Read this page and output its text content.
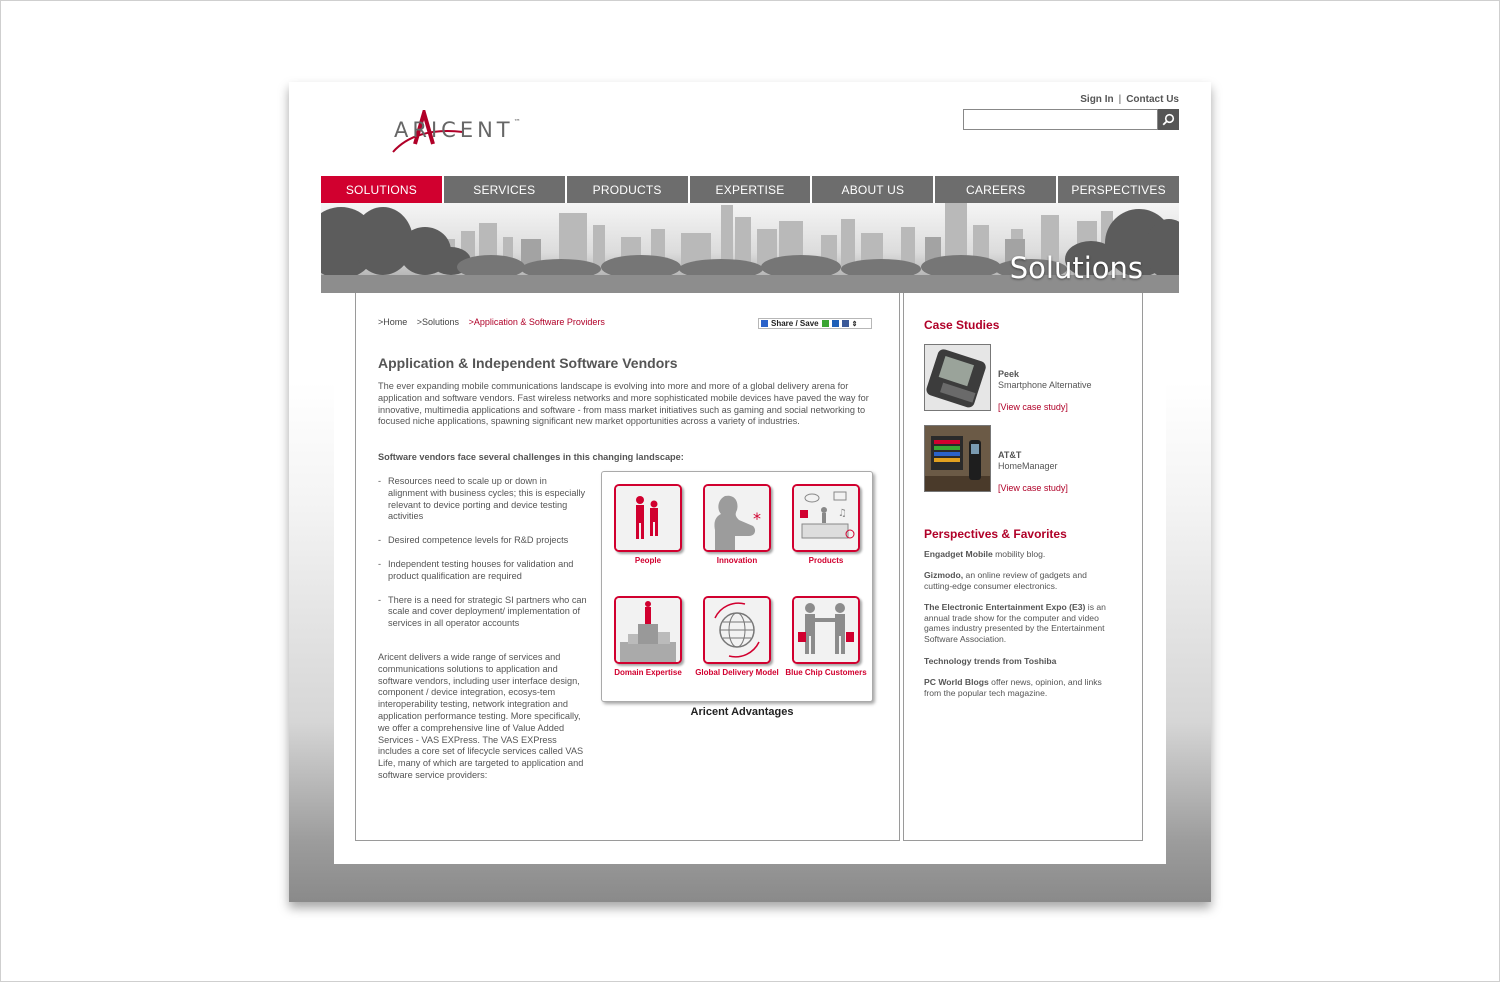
ARICENT™
Sign In | Contact Us
SOLUTIONS	SERVICES	PRODUCTS	EXPERTISE	ABOUT US	CAREERS	PERSPECTIVES
Solutions
>Home >Solutions >Application & Software Providers	Share / Save	⇕
Application & Independent Software Vendors
The ever expanding mobile communications landscape is evolving into more and more of a global delivery arena for application and software vendors. Fast wireless networks and more sophisticated mobile devices have paved the way for innovative, multimedia applications and software - from mass market initiatives such as gaming and social networking to focused niche applications, spawning significant new market opportunities across a variety of industries.
Software vendors face several challenges in this changing landscape:
- Resources need to scale up or down in alignment with business cycles; this is especially relevant to device porting and device testing activities
- Desired competence levels for R&D projects
- Independent testing houses for validation and product qualification are required
- There is a need for strategic SI partners who can scale and cover deployment/ implementation of services in all operator accounts
Aricent delivers a wide range of services and communications solutions to application and software vendors, including user interface design, component / device integration, ecosys-tem interoperability testing, network integration and application performance testing. More specifically, we offer a comprehensive line of Value Added Services - VAS EXPress. The VAS EXPress includes a core set of lifecycle services called VAS Life, many of which are targeted to application and software service providers:
People
*
Innovation
♫
Products
Domain Expertise	Global Delivery Model Blue Chip Customers
Aricent Advantages
Case Studies
Peek
Smartphone Alternative
[View case study]
AT&T
HomeManager
[View case study]
Perspectives & Favorites
Engadget Mobile mobility blog.
Gizmodo, an online review of gadgets and cutting-edge consumer electronics.
The Electronic Entertainment Expo (E3) is an annual trade show for the computer and video games industry presented by the Entertainment Software Association.
Technology trends from Toshiba
PC World Blogs offer news, opinion, and links from the popular tech magazine.
